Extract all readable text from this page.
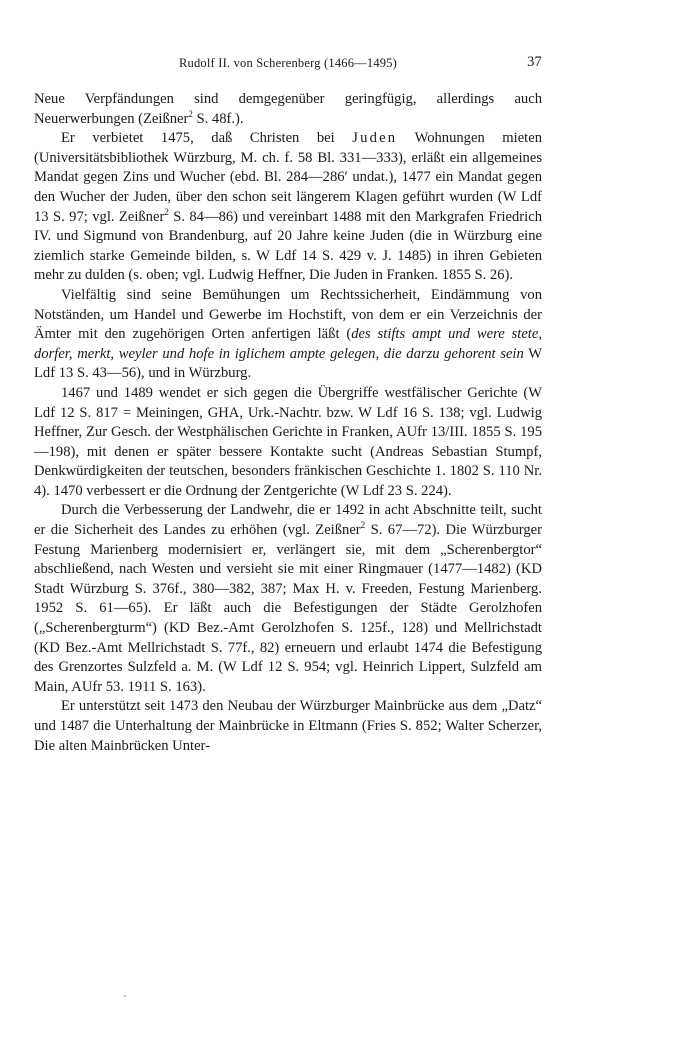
Rudolf II. von Scherenberg (1466—1495)	37

Neue Verpfändungen sind demgegenüber geringfügig, allerdings auch Neuerwerbungen (Zeißner$^2$ S. 48f.).

Er verbietet 1475, daß Christen bei Juden Wohnungen mieten (Universitätsbibliothek Würzburg, M. ch. f. 58 Bl. 331—333), erläßt ein allgemeines Mandat gegen Zins und Wucher (ebd. Bl. 284—286′ undat.), 1477 ein Mandat gegen den Wucher der Juden, über den schon seit längerem Klagen geführt wurden (W Ldf 13 S. 97; vgl. Zeißner$^2$ S. 84—86) und vereinbart 1488 mit den Markgrafen Friedrich IV. und Sigmund von Brandenburg, auf 20 Jahre keine Juden (die in Würzburg eine ziemlich starke Gemeinde bilden, s. W Ldf 14 S. 429 v. J. 1485) in ihren Gebieten mehr zu dulden (s. oben; vgl. Ludwig Heffner, Die Juden in Franken. 1855 S. 26).

Vielfältig sind seine Bemühungen um Rechtssicherheit, Eindämmung von Notständen, um Handel und Gewerbe im Hochstift, von dem er ein Verzeichnis der Ämter mit den zugehörigen Orten anfertigen läßt (des stifts ampt und were stete, dorfer, merkt, weyler und hofe in iglichem ampte gelegen, die darzu gehorent sein W Ldf 13 S. 43—56), und in Würzburg.

1467 und 1489 wendet er sich gegen die Übergriffe westfälischer Gerichte (W Ldf 12 S. 817 = Meiningen, GHA, Urk.-Nachtr. bzw. W Ldf 16 S. 138; vgl. Ludwig Heffner, Zur Gesch. der Westphälischen Gerichte in Franken, AUfr 13/III. 1855 S. 195—198), mit denen er später bessere Kontakte sucht (Andreas Sebastian Stumpf, Denkwürdigkeiten der teutschen, besonders fränkischen Geschichte 1. 1802 S. 110 Nr. 4). 1470 verbessert er die Ordnung der Zentgerichte (W Ldf 23 S. 224).

Durch die Verbesserung der Landwehr, die er 1492 in acht Abschnitte teilt, sucht er die Sicherheit des Landes zu erhöhen (vgl. Zeißner$^2$ S. 67—72). Die Würzburger Festung Marienberg modernisiert er, verlängert sie, mit dem „Scherenbergtor“ abschließend, nach Westen und versieht sie mit einer Ringmauer (1477—1482) (KD Stadt Würzburg S. 376f., 380—382, 387; Max H. v. Freeden, Festung Marienberg. 1952 S. 61—65). Er läßt auch die Befestigungen der Städte Gerolzhofen („Scherenbergturm“) (KD Bez.-Amt Gerolzhofen S. 125f., 128) und Mellrichstadt (KD Bez.-Amt Mellrichstadt S. 77f., 82) erneuern und erlaubt 1474 die Befestigung des Grenzortes Sulzfeld a. M. (W Ldf 12 S. 954; vgl. Heinrich Lippert, Sulzfeld am Main, AUfr 53. 1911 S. 163).

Er unterstützt seit 1473 den Neubau der Würzburger Mainbrücke aus dem „Datz“ und 1487 die Unterhaltung der Mainbrücke in Eltmann (Fries S. 852; Walter Scherzer, Die alten Mainbrücken Unter-
